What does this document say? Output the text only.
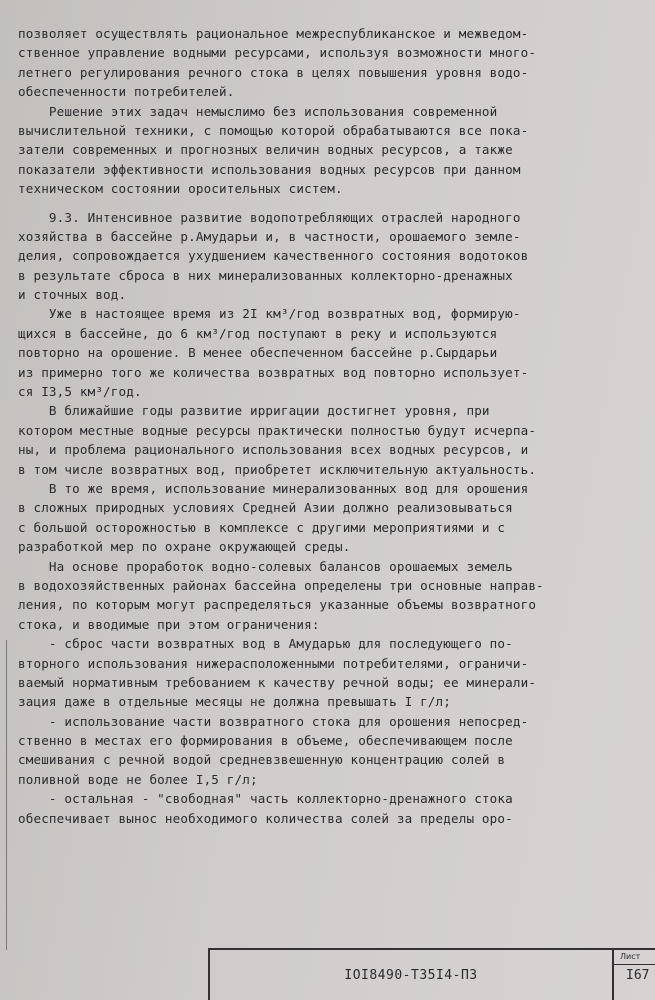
позволяет осуществлять рациональное межреспубликанское и межведом-
ственное управление водными ресурсами, используя возможности много-
летнего регулирования речного стока в целях повышения уровня водо-
обеспеченности потребителей.
Решение этих задач немыслимо без использования современной
вычислительной техники, с помощью которой обрабатываются все пока-
затели современных и прогнозных величин водных ресурсов, а также
показатели эффективности использования водных ресурсов при данном
техническом состоянии оросительных систем.
9.3. Интенсивное развитие водопотребляющих отраслей народного
хозяйства в бассейне р.Амударьи и, в частности, орошаемого земле-
делия, сопровождается ухудшением качественного состояния водотоков
в результате сброса в них минерализованных коллекторно-дренажных
и сточных вод.
Уже в настоящее время из 2I км³/год возвратных вод, формирую-
щихся в бассейне, до 6 км³/год поступают в реку и используются
повторно на орошение. В менее обеспеченном бассейне р.Сырдарьи
из примерно того же количества возвратных вод повторно использует-
ся I3,5 км³/год.
В ближайшие годы развитие ирригации достигнет уровня, при
котором местные водные ресурсы практически полностью будут исчерпа-
ны, и проблема рационального использования всех водных ресурсов, и
в том числе возвратных вод, приобретет исключительную актуальность.
В то же время, использование минерализованных вод для орошения
в сложных природных условиях Средней Азии должно реализовываться
с большой осторожностью в комплексе с другими мероприятиями и с
разработкой мер по охране окружающей среды.
На основе проработок водно-солевых балансов орошаемых земель
в водохозяйственных районах бассейна определены три основные направ-
ления, по которым могут распределяться указанные объемы возвратного
стока, и вводимые при этом ограничения:
- сброс части возвратных вод в Амударью для последующего по-
вторного использования нижерасположенными потребителями, ограничи-
ваемый нормативным требованием к качеству речной воды; ее минерали-
зация даже в отдельные месяцы не должна превышать I г/л;
- использование части возвратного стока для орошения непосред-
ственно в местах его формирования в объеме, обеспечивающем после
смешивания с речной водой средневзвешенную концентрацию солей в
поливной воде не более I,5 г/л;
- остальная - "свободная" часть коллекторно-дренажного стока
обеспечивает вынос необходимого количества солей за пределы оро-
IOI8490-Т35I4-ПЗ
Лист
I67
